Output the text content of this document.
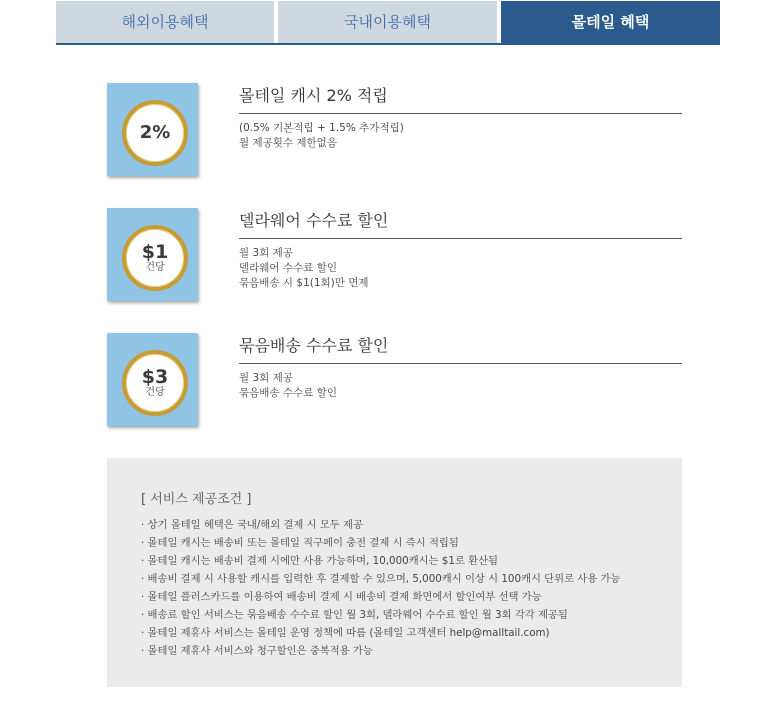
해외이용혜택	국내이용혜택	몰테일 혜택
2%
몰테일 캐시 2% 적립
(0.5% 기본적립 + 1.5% 추가적립)
월 제공횟수 제한없음
$1
건당
델라웨어 수수료 할인
월 3회 제공
델라웨어 수수료 할인
묶음배송 시 $1(1회)만 면제
$3
건당
묶음배송 수수료 할인
월 3회 제공
묶음배송 수수료 할인
[ 서비스 제공조건 ]
· 상기 몰테일 혜택은 국내/해외 결제 시 모두 제공
· 몰테일 캐시는 배송비 또는 몰테일 직구페이 충전 결제 시 즉시 적립됨
· 몰테일 캐시는 배송비 결제 시에만 사용 가능하며, 10,000캐시는 $1로 환산됨
· 배송비 결제 시 사용할 캐시를 입력한 후 결제할 수 있으며, 5,000캐시 이상 시 100캐시 단위로 사용 가능
· 몰테일 플러스카드를 이용하여 배송비 결제 시 배송비 결제 화면에서 할인여부 선택 가능
· 배송료 할인 서비스는 묶음배송 수수료 할인 월 3회, 델라웨어 수수료 할인 월 3회 각각 제공됨
· 몰테일 제휴사 서비스는 몰테일 운영 정책에 따름 (몰테일 고객센터 help@malltail.com)
· 몰테일 제휴사 서비스와 청구할인은 중복적용 가능
